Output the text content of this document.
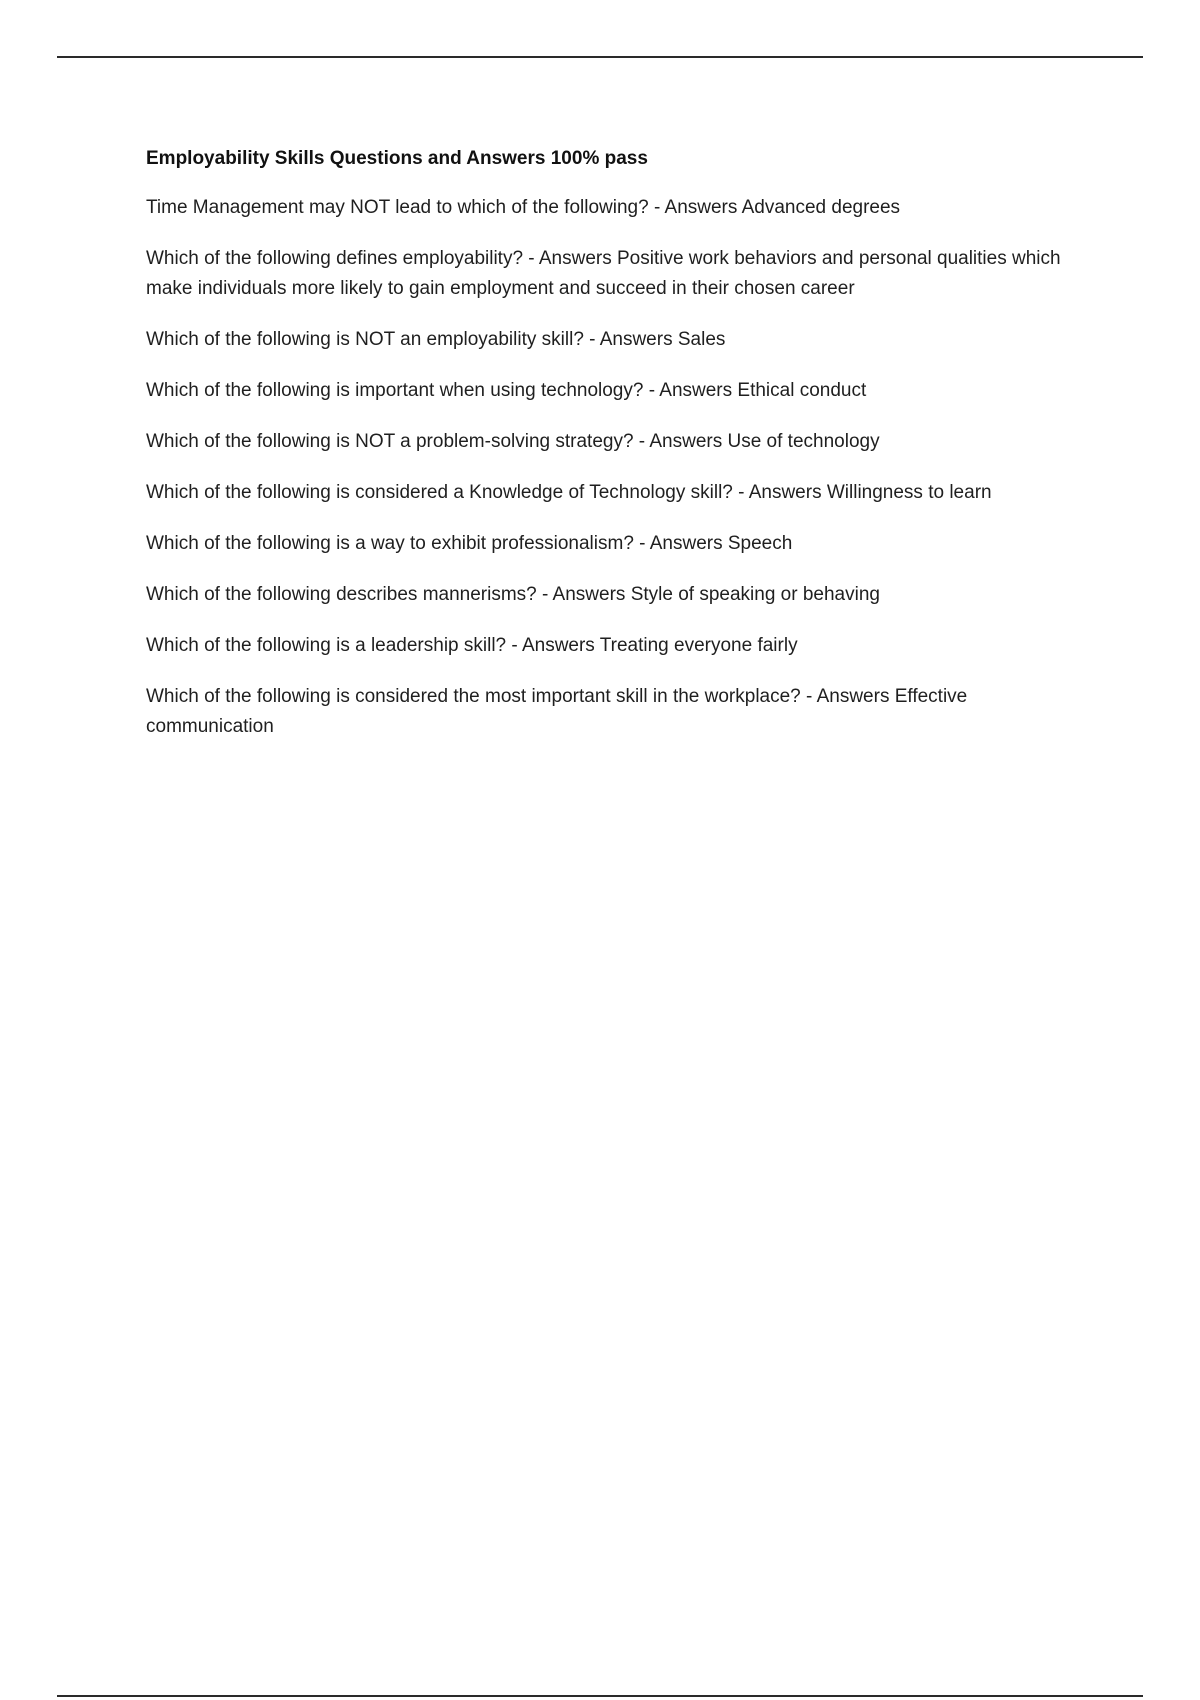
Employability Skills Questions and Answers 100% pass
Time Management may NOT lead to which of the following? - Answers Advanced degrees
Which of the following defines employability? - Answers Positive work behaviors and personal qualities which make individuals more likely to gain employment and succeed in their chosen career
Which of the following is NOT an employability skill? - Answers Sales
Which of the following is important when using technology? - Answers Ethical conduct
Which of the following is NOT a problem-solving strategy? - Answers Use of technology
Which of the following is considered a Knowledge of Technology skill? - Answers Willingness to learn
Which of the following is a way to exhibit professionalism? - Answers Speech
Which of the following describes mannerisms? - Answers Style of speaking or behaving
Which of the following is a leadership skill? - Answers Treating everyone fairly
Which of the following is considered the most important skill in the workplace? - Answers Effective communication
